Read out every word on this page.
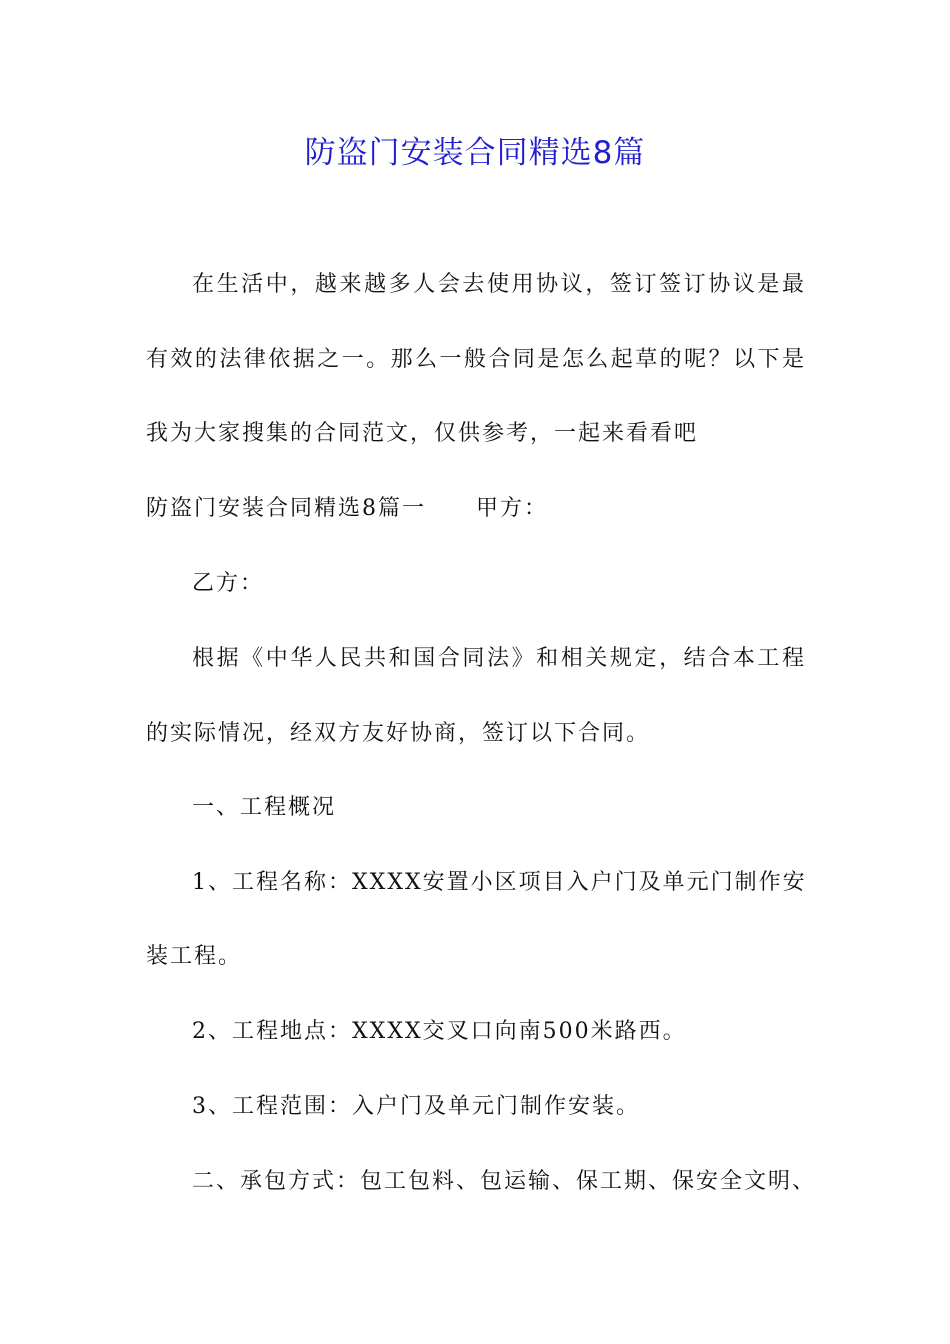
防盗门安装合同精选8篇

在生活中，越来越多人会去使用协议，签订签订协议是最

有效的法律依据之一。那么一般合同是怎么起草的呢？以下是

我为大家搜集的合同范文，仅供参考，一起来看看吧

防盗门安装合同精选8篇一 甲方：

乙方：

根据《中华人民共和国合同法》和相关规定，结合本工程

的实际情况，经双方友好协商，签订以下合同。

一、工程概况

1、工程名称：XXXX安置小区项目入户门及单元门制作安

装工程。

2、工程地点：XXXX交叉口向南500米路西。

3、工程范围：入户门及单元门制作安装。

二、承包方式：包工包料、包运输、保工期、保安全文明、
